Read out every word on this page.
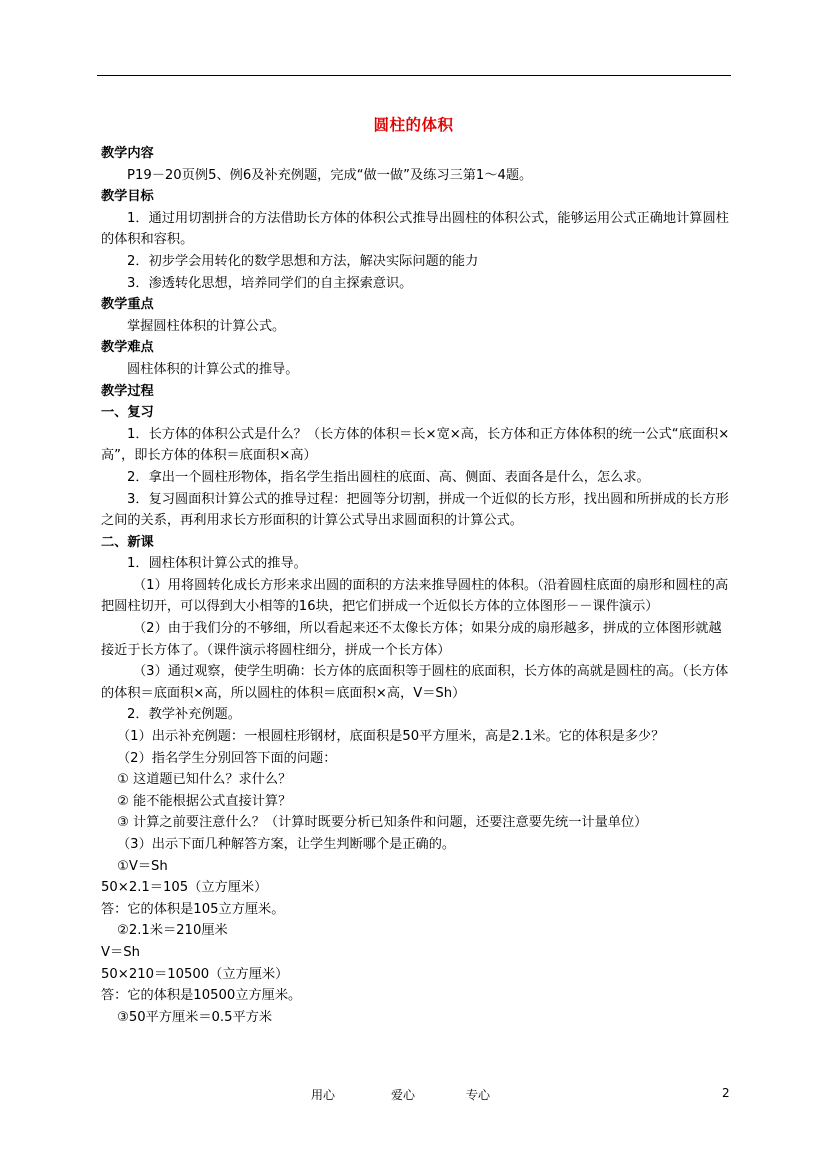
圆柱的体积
教学内容
P19－20页例5、例6及补充例题，完成“做一做”及练习三第1～4题。
教学目标
1．通过用切割拼合的方法借助长方体的体积公式推导出圆柱的体积公式，能够运用公式正确地计算圆柱的体积和容积。
2．初步学会用转化的数学思想和方法，解决实际问题的能力
3．渗透转化思想，培养同学们的自主探索意识。
教学重点
掌握圆柱体积的计算公式。
教学难点
圆柱体积的计算公式的推导。
教学过程
一、复习
1．长方体的体积公式是什么？（长方体的体积＝长×宽×高，长方体和正方体体积的统一公式“底面积×高”，即长方体的体积＝底面积×高）
2．拿出一个圆柱形物体，指名学生指出圆柱的底面、高、侧面、表面各是什么，怎么求。
3．复习圆面积计算公式的推导过程：把圆等分切割，拼成一个近似的长方形，找出圆和所拼成的长方形之间的关系，再利用求长方形面积的计算公式导出求圆面积的计算公式。
二、新课
1．圆柱体积计算公式的推导。
（1）用将圆转化成长方形来求出圆的面积的方法来推导圆柱的体积。（沿着圆柱底面的扇形和圆柱的高把圆柱切开，可以得到大小相等的16块，把它们拼成一个近似长方体的立体图形－－课件演示）
（2）由于我们分的不够细，所以看起来还不太像长方体；如果分成的扇形越多，拼成的立体图形就越接近于长方体了。（课件演示将圆柱细分，拼成一个长方体）
（3）通过观察，使学生明确：长方体的底面积等于圆柱的底面积，长方体的高就是圆柱的高。（长方体的体积＝底面积×高，所以圆柱的体积＝底面积×高，V＝Sh）
2．教学补充例题。
（1）出示补充例题：一根圆柱形钢材，底面积是50平方厘米，高是2.1米。它的体积是多少？
（2）指名学生分别回答下面的问题：
① 这道题已知什么？求什么？
② 能不能根据公式直接计算？
③ 计算之前要注意什么？（计算时既要分析已知条件和问题，还要注意要先统一计量单位）
（3）出示下面几种解答方案，让学生判断哪个是正确的。
①V＝Sh
50×2.1＝105（立方厘米）
答：它的体积是105立方厘米。
②2.1米＝210厘米
V＝Sh
50×210＝10500（立方厘米）
答：它的体积是10500立方厘米。
③50平方厘米＝0.5平方米
用心	爱心	专心	2
